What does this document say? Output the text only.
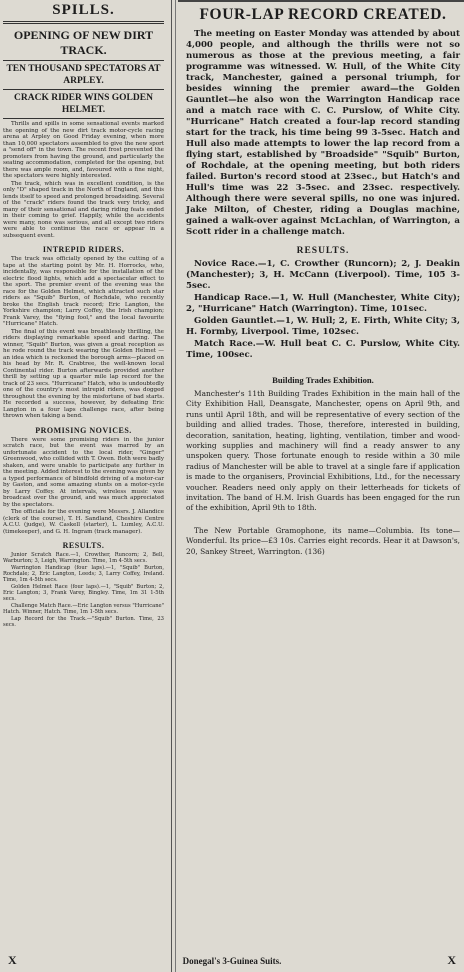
SPILLS.
OPENING OF NEW DIRT TRACK.
TEN THOUSAND SPECTATORS AT ARPLEY.
CRACK RIDER WINS GOLDEN HELMET.

Thrills and spills in some sensational events marked the opening of the new dirt track motor-cycle racing arena at Arpley on Good Friday evening, when more than 10,000 spectators assembled to give the new sport a "send off" in the town. The recent frost prevented the promoters from having the ground, and particularly the seating accommodation, completed for the opening, but there was ample room, and, favoured with a fine night, the spectators were highly interested.

The track, which was in excellent condition, is the only "D" shaped track in the North of England, and this lends itself to speed and prolonged broadsiding. Several of the "crack" riders found the track very tricky, and many of their sensational and daring riding feats ended in their coming to grief. Happily, while the accidents were many, none was serious, and all except two riders were able to continue the race or appear in a subsequent event.

INTREPID RIDERS.

The track was officially opened by the cutting of a tape at the starting point by Mr. H. Horrocks, who, incidentally, was responsible for the installation of the electric flood lights, which add a spectacular effect to the sport. The premier event of the evening was the race for the Golden Helmet, which attracted such star riders as "Squib" Burton, of Rochdale, who recently broke the English track record; Eric Langton, the Yorkshire champion; Larry Coffey, the Irish champion; Frank Varey, the "flying fool," and the local favourite "Hurricane" Hatch.

The final of this event was breathlessly thrilling, the riders displaying remarkable speed and daring. The winner, "Squib" Burton, was given a great reception as he rode round the track wearing the Golden Helmet — an idea which is reckoned the borough arms—placed on his head by Mr. R. Crabtree, the well-known local Continental rider. Burton afterwards provided another thrill by setting up a quarter mile lap record for the track of 23 secs. "Hurricane" Hatch, who is undoubtedly one of the country's most intrepid riders, was dogged throughout the evening by the misfortune of bad starts. He recorded a success, however, by defeating Eric Langton in a four laps challenge race, after being thrown when taking a bend.

PROMISING NOVICES.

There were some promising riders in the junior scratch race, but the event was marred by an unfortunate accident to the local rider, "Ginger" Greenwood, who collided with T. Owen. Both were badly shaken, and were unable to participate any further in the meeting. Added interest to the evening was given by a typed performance of blindfold driving of a motor-car by Gaston, and some amazing stunts on a motor-cycle by Larry Coffey. At intervals, wireless music was broadcast over the ground, and was much appreciated by the spectators.

The officials for the evening were Messrs. J. Allandice (clerk of the course), T. H. Sandland, Cheshire Centre A.C.U. (judge), W. Caskell (starter), L. Lumley, A.C.U. (timekeeper), and G. H. Ingram (track manager).

RESULTS.

Junior Scratch Race.—1, Crowther, Runcorn; 2, Bell, Warburton; 3, Leigh, Warrington. Time, 1m 4-5th secs.

Warrington Handicap (four laps).—1, "Squib" Burton, Rochdale; 2, Eric Langton, Leeds; 3, Larry Coffey, Ireland. Time, 1m 4-5th secs.

Golden Helmet Race (four laps).—1, "Squib" Burton; 2, Eric Langton; 3, Frank Varey, Bingley. Time, 1m 31 1-5th secs.

Challenge Match Race.—Eric Langton versus "Hurricane" Hatch. Winner, Hatch. Time, 1m 1-5th secs.

Lap Record for the Track.—"Squib" Burton. Time, 23 secs.

FOUR-LAP RECORD CREATED.

The meeting on Easter Monday was attended by about 4,000 people, and although the thrills were not so numerous as those at the previous meeting, a fair programme was witnessed. W. Hull, of the White City track, Manchester, gained a personal triumph, for besides winning the premier award—the Golden Gauntlet—he also won the Warrington Handicap race and a match race with C. C. Purslow, of White City. "Hurricane" Hatch created a four-lap record standing start for the track, his time being 99 3-5sec. Hatch and Hull also made attempts to lower the lap record from a flying start, established by "Broadside" "Squib" Burton, of Rochdale, at the opening meeting, but both riders failed. Burton's record stood at 23sec., but Hatch's and Hull's time was 22 3-5sec. and 23sec. respectively. Although there were several spills, no one was injured. Jake Milton, of Chester, riding a Douglas machine, gained a walk-over against McLachlan, of Warrington, a Scott rider in a challenge match.

RESULTS.

Novice Race.—1, C. Crowther (Runcorn); 2, J. Deakin (Manchester); 3, H. McCann (Liverpool). Time, 105 3-5sec.

Handicap Race.—1, W. Hull (Manchester, White City); 2, "Hurricane" Hatch (Warrington). Time, 101sec.

Golden Gauntlet.—1, W. Hull; 2, E. Firth, White City; 3, H. Formby, Liverpool. Time, 102sec.

Match Race.—W. Hull beat C. C. Purslow, White City. Time, 100sec.

Building Trades Exhibition.

Manchester's 11th Building Trades Exhibition in the main hall of the City Exhibition Hall, Deansgate, Manchester, opens on April 9th, and runs until April 18th, and will be representative of every section of the building and allied trades. Those, therefore, interested in building, decoration, sanitation, heating, lighting, ventilation, timber and wood-working supplies and machinery will find a ready answer to any unspoken query. Those fortunate enough to reside within a 30 mile radius of Manchester will be able to travel at a single fare if application is made to the organisers, Provincial Exhibitions, Ltd., for the necessary voucher. Readers need only apply on their letterheads for tickets of invitation. The band of H.M. Irish Guards has been engaged for the run of the exhibition, April 9th to 18th.

The New Portable Gramophone, its name—Columbia. Its tone—Wonderful. Its price—£3 10s. Carries eight records. Hear it at Dawson's, 20, Sankey Street, Warrington. (136)

X	Donegal's 3-Guinea Suits.	X
